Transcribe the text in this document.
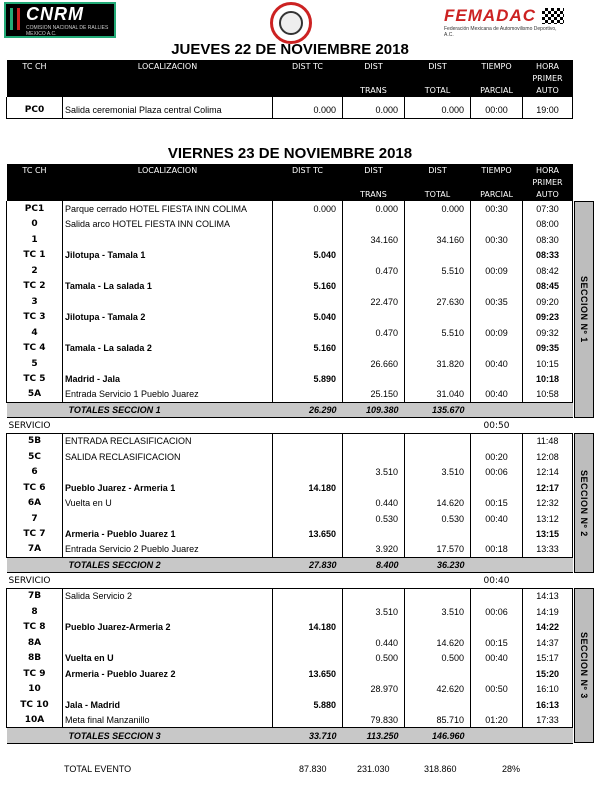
CNRM
COMISION NACIONAL DE RALLIES MEXICO A.C.
FEMADAC
Federación Mexicana de Automovilismo Deportivo, A.C.
JUEVES 22 DE NOVIEMBRE 2018
TC CH	LOCALIZACION	DIST TC	DIST	DIST	TIEMPO	HORA
						PRIMER
			TRANS	TOTAL	PARCIAL	AUTO

PC0	Salida ceremonial Plaza central Colima	0.000	0.000	0.000	00:00	19:00
VIERNES 23 DE NOVIEMBRE 2018
TC CH	LOCALIZACION	DIST TC	DIST	DIST	TIEMPO	HORA
						PRIMER
			TRANS	TOTAL	PARCIAL	AUTO
PC1	Parque cerrado HOTEL FIESTA INN COLIMA	0.000	0.000	0.000	00:30	07:30
0	Salida arco HOTEL FIESTA INN COLIMA					08:00
1			34.160	34.160	00:30	08:30
TC 1	Jilotupa - Tamala 1	5.040				08:33
2			0.470	5.510	00:09	08:42
TC 2	Tamala - La salada 1	5.160				08:45
3			22.470	27.630	00:35	09:20
TC 3	Jilotupa - Tamala 2	5.040				09:23
4			0.470	5.510	00:09	09:32
TC 4	Tamala - La salada 2	5.160				09:35
5			26.660	31.820	00:40	10:15
TC 5	Madrid - Jala	5.890				10:18
5A	Entrada Servicio 1 Pueblo Juarez		25.150	31.040	00:40	10:58
	TOTALES SECCION 1	26.290	109.380	135.670		
SERVICIO					00:50	
5B	ENTRADA RECLASIFICACION					11:48
5C	SALIDA RECLASIFICACION				00:20	12:08
6			3.510	3.510	00:06	12:14
TC 6	Pueblo Juarez - Armeria 1	14.180				12:17
6A	Vuelta en U		0.440	14.620	00:15	12:32
7			0.530	0.530	00:40	13:12
TC 7	Armeria - Pueblo Juarez 1	13.650				13:15
7A	Entrada Servicio 2 Pueblo Juarez		3.920	17.570	00:18	13:33
	TOTALES SECCION 2	27.830	8.400	36.230		
SERVICIO					00:40	
7B	Salida Servicio 2					14:13
8			3.510	3.510	00:06	14:19
TC 8	Pueblo Juarez-Armeria 2	14.180				14:22
8A			0.440	14.620	00:15	14:37
8B	Vuelta en U		0.500	0.500	00:40	15:17
TC 9	Armeria - Pueblo Juarez 2	13.650				15:20
10			28.970	42.620	00:50	16:10
TC 10	Jala - Madrid	5.880				16:13
10A	Meta final Manzanillo		79.830	85.710	01:20	17:33
	TOTALES SECCION 3	33.710	113.250	146.960		
SECCION Nº 1
SECCION Nº 2
SECCION Nº 3
TOTAL EVENTO	87.830	231.030	318.860	28%
